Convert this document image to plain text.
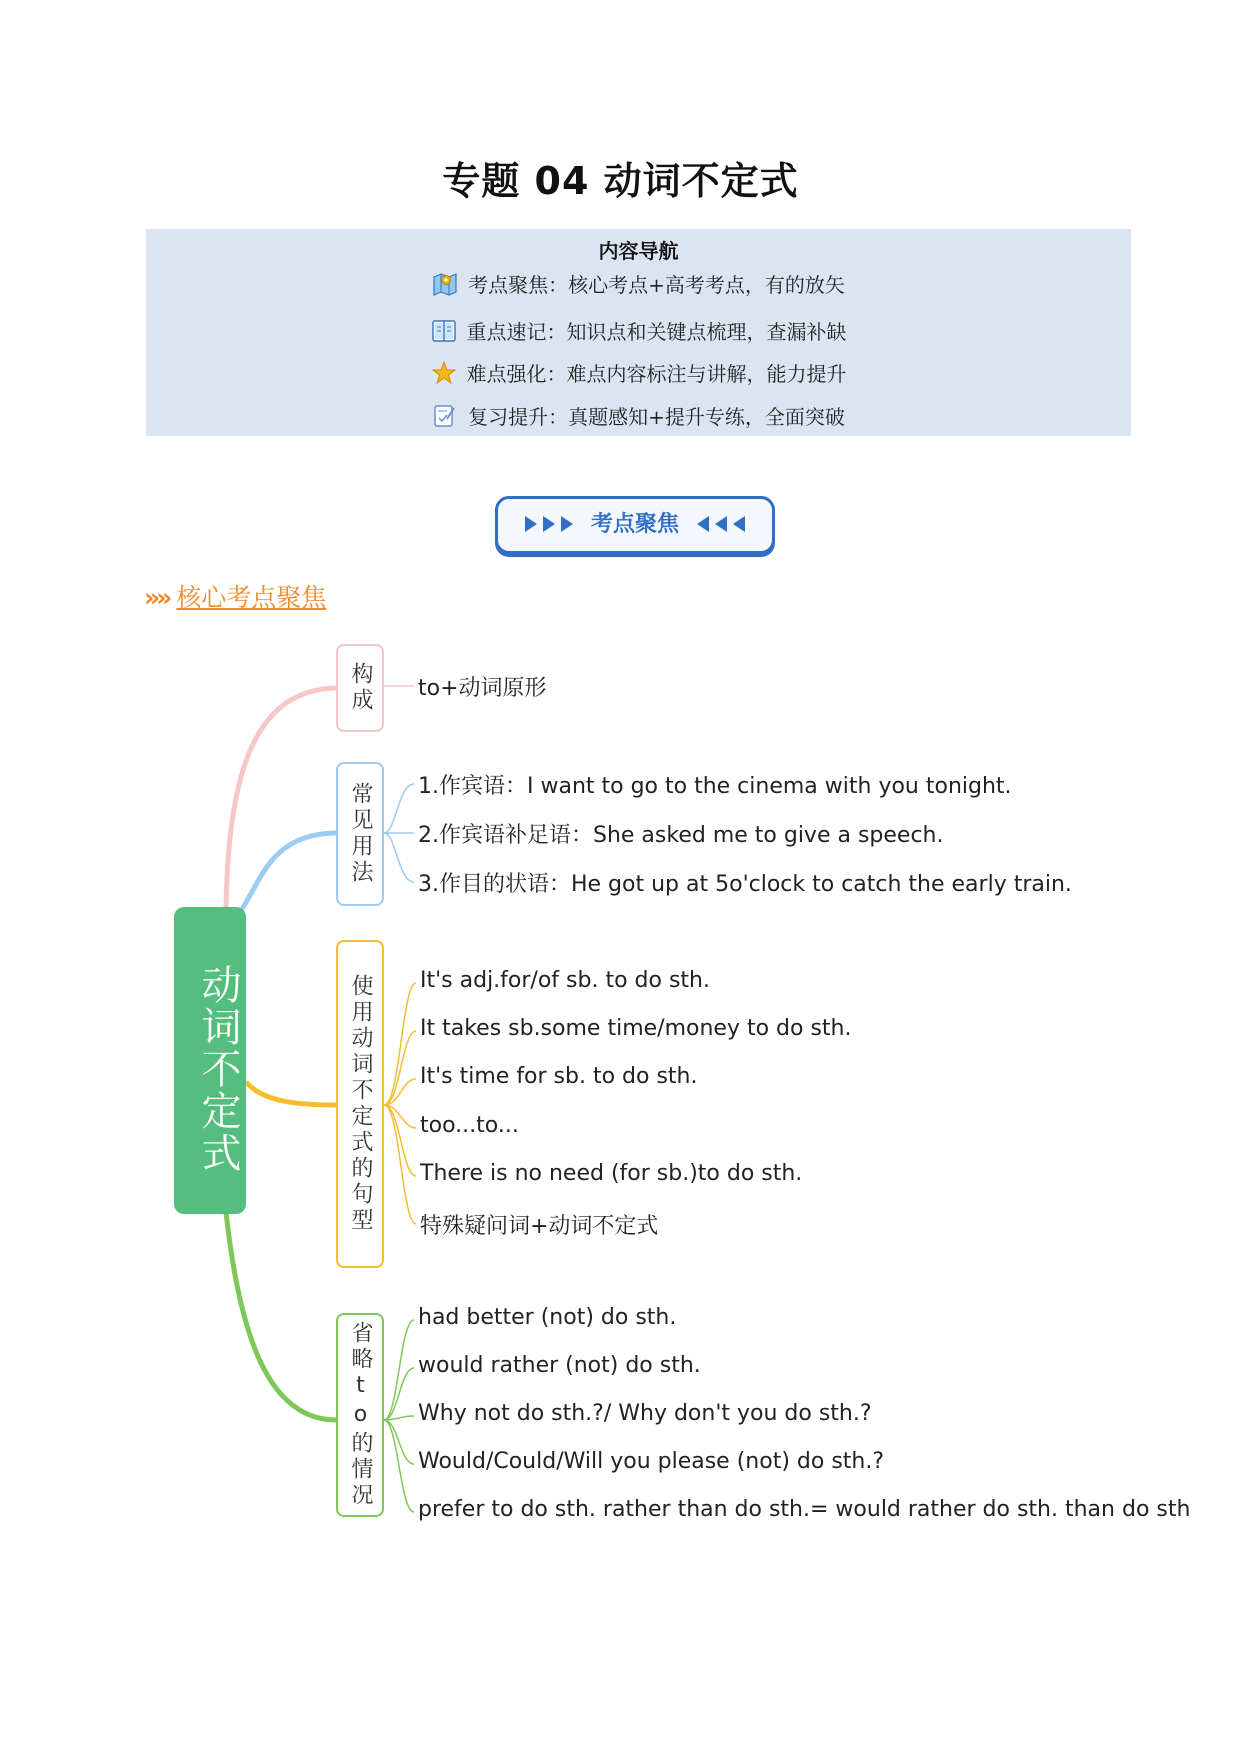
专题 04 动词不定式
内容导航
考点聚焦：核心考点+高考考点，有的放矢
重点速记：知识点和关键点梳理，查漏补缺
难点强化：难点内容标注与讲解，能力提升
复习提升：真题感知+提升专练，全面突破
考点聚焦
»» 核心考点聚焦
动词不定式
构成	to+动词原形
常见用法	1.作宾语：I want to go to the cinema with you tonight.
2.作宾语补足语：She asked me to give a speech.
3.作目的状语：He got up at 5o'clock to catch the early train.
使用动词不定式的句型	It's adj.for/of sb. to do sth.
It takes sb.some time/money to do sth.
It's time for sb. to do sth.
too...to...
There is no need (for sb.)to do sth.
特殊疑问词+动词不定式
省略to的情况
had better (not) do sth.
would rather (not) do sth.
Why not do sth.?/ Why don't you do sth.?
Would/Could/Will you please (not) do sth.?
prefer to do sth. rather than do sth.= would rather do sth. than do sth
